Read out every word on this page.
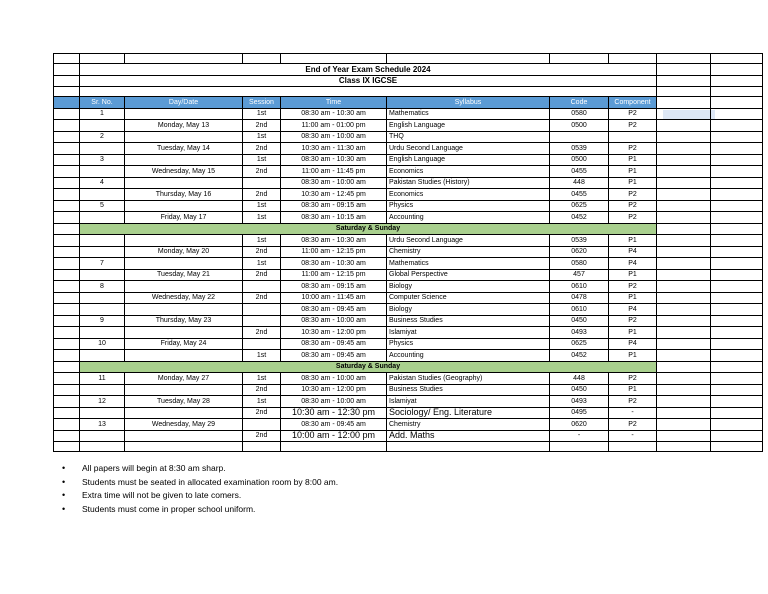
	End of Year Exam Schedule 2024								
	Class IX IGCSE								

	Sr. No.	Day/Date	Session	Time	Syllabus	Code	Component		
	1		1st	08:30 am - 10:30 am	Mathematics	0580	P2		
		Monday, May 13	2nd	11:00 am - 01:00 pm	English Language	0500	P2		
	2		1st	08:30 am - 10:00 am	THQ				
		Tuesday, May 14	2nd	10:30 am - 11:30 am	Urdu Second Language	0539	P2		
	3		1st	08:30 am - 10:30 am	English Language	0500	P1		
		Wednesday, May 15	2nd	11:00 am - 11:45 pm	Economics	0455	P1		
	4			08:30 am - 10:00 am	Pakistan Studies (History)	448	P1		
		Thursday, May 16	2nd	10:30 am - 12:45 pm	Economics	0455	P2		
	5		1st	08:30 am - 09:15 am	Physics	0625	P2		
		Friday, May 17	1st	08:30 am - 10:15 am	Accounting	0452	P2		
	Saturday & Sunday								
			1st	08:30 am - 10:30 am	Urdu Second Language	0539	P1		
		Monday, May 20	2nd	11:00 am - 12:15 pm	Chemistry	0620	P4		
	7		1st	08:30 am - 10:30 am	Mathematics	0580	P4		
		Tuesday, May 21	2nd	11:00 am - 12:15 pm	Global Perspective	457	P1		
	8			08:30 am - 09:15 am	Biology	0610	P2		
		Wednesday, May 22	2nd	10:00 am - 11:45 am	Computer Science	0478	P1		
				08:30 am - 09:45 am	Biology	0610	P4		
	9	Thursday, May 23		08:30 am - 10:00 am	Business Studies	0450	P2		
			2nd	10:30 am - 12:00 pm	Islamiyat	0493	P1		
	10	Friday, May 24		08:30 am - 09:45 am	Physics	0625	P4		
			1st	08:30 am - 09:45 am	Accounting	0452	P1		
	Saturday & Sunday								
	11	Monday, May 27	1st	08:30 am - 10:00 am	Pakistan Studies (Geography)	448	P2		
			2nd	10:30 am - 12:00 pm	Business Studies	0450	P1		
	12	Tuesday, May 28	1st	08:30 am - 10:00 am	Islamiyat	0493	P2		
			2nd	10:30 am - 12:30 pm	Sociology/ Eng. Literature	0495	-		
	13	Wednesday, May 29		08:30 am - 09:45 am	Chemistry	0620	P2		
			2nd	10:00 am - 12:00 pm	Add. Maths	-	-		

• All papers will begin at 8:30 am sharp.
• Students must be seated in allocated examination room by 8:00 am.
• Extra time will not be given to late comers.
• Students must come in proper school uniform.
